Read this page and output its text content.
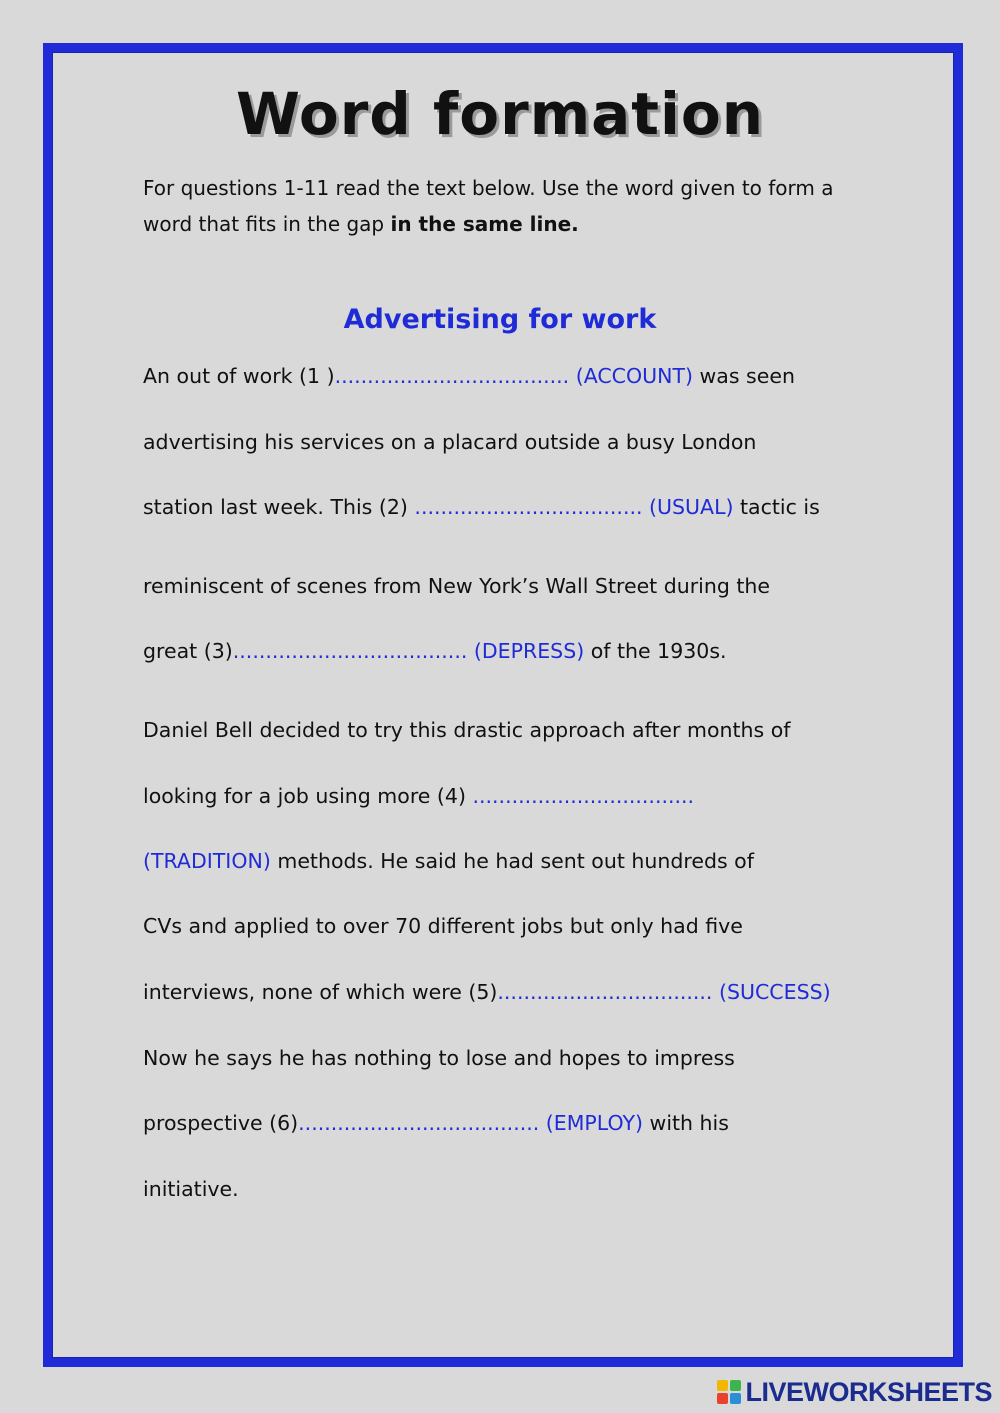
Word formation
For questions 1-11 read the text below. Use the word given to form a word that fits in the gap in the same line.
Advertising for work
An out of work (1 ).................................... (ACCOUNT) was seen
advertising his services on a placard outside a busy London
station last week. This (2) ................................... (USUAL) tactic is
reminiscent of scenes from New York’s Wall Street during the
great (3).................................... (DEPRESS) of the 1930s.
Daniel Bell decided to try this drastic approach after months of
looking for a job using more (4) ..................................
(TRADITION) methods. He said he had sent out hundreds of
CVs and applied to over 70 different jobs but only had five
interviews, none of which were (5)................................. (SUCCESS)
Now he says he has nothing to lose and hopes to impress
prospective (6)..................................... (EMPLOY) with his
initiative.
LIVEWORKSHEETS
